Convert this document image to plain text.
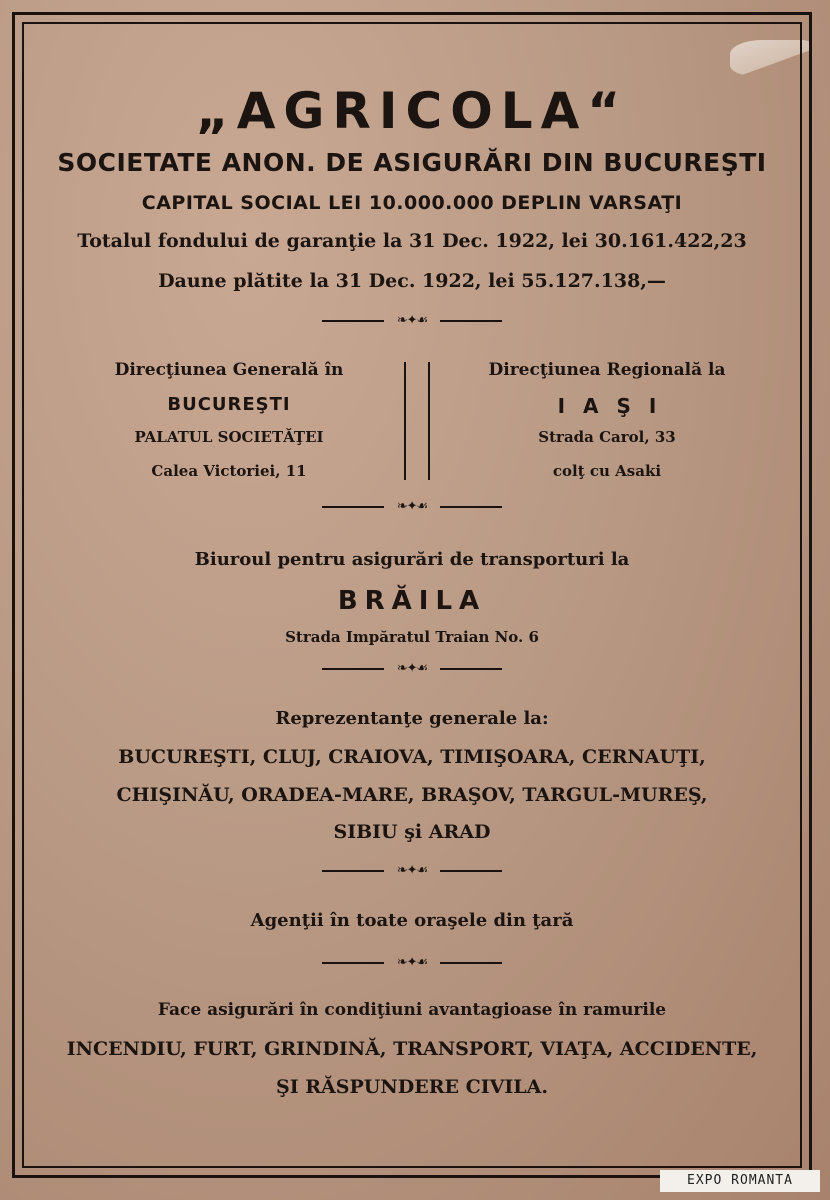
„AGRICOLA“
SOCIETATE ANON. DE ASIGURĂRI DIN BUCUREŞTI
CAPITAL SOCIAL LEI 10.000.000 DEPLIN VARSAŢI
Totalul fondului de garanţie la 31 Dec. 1922, lei 30.161.422,23
Daune plătite la 31 Dec. 1922, lei 55.127.138,—
❧✦☙
Direcţiunea Generală în
BUCUREŞTI
PALATUL SOCIETĂŢEI
Calea Victoriei, 11
Direcţiunea Regională la
IAŞI
Strada Carol, 33
colţ cu Asaki
❧✦☙
Biuroul pentru asigurări de transporturi la
BRĂILA
Strada Impăratul Traian No. 6
❧✦☙
Reprezentanţe generale la:
BUCUREŞTI, CLUJ, CRAIOVA, TIMIŞOARA, CERNAUŢI,
CHIŞINĂU, ORADEA-MARE, BRAŞOV, TARGUL-MUREŞ,
SIBIU şi ARAD
❧✦☙
Agenţii în toate oraşele din ţară
❧✦☙
Face asigurări în condiţiuni avantagioase în ramurile
INCENDIU, FURT, GRINDINĂ, TRANSPORT, VIAŢA, ACCIDENTE,
ŞI RĂSPUNDERE CIVILA.
EXPO ROMANTA
